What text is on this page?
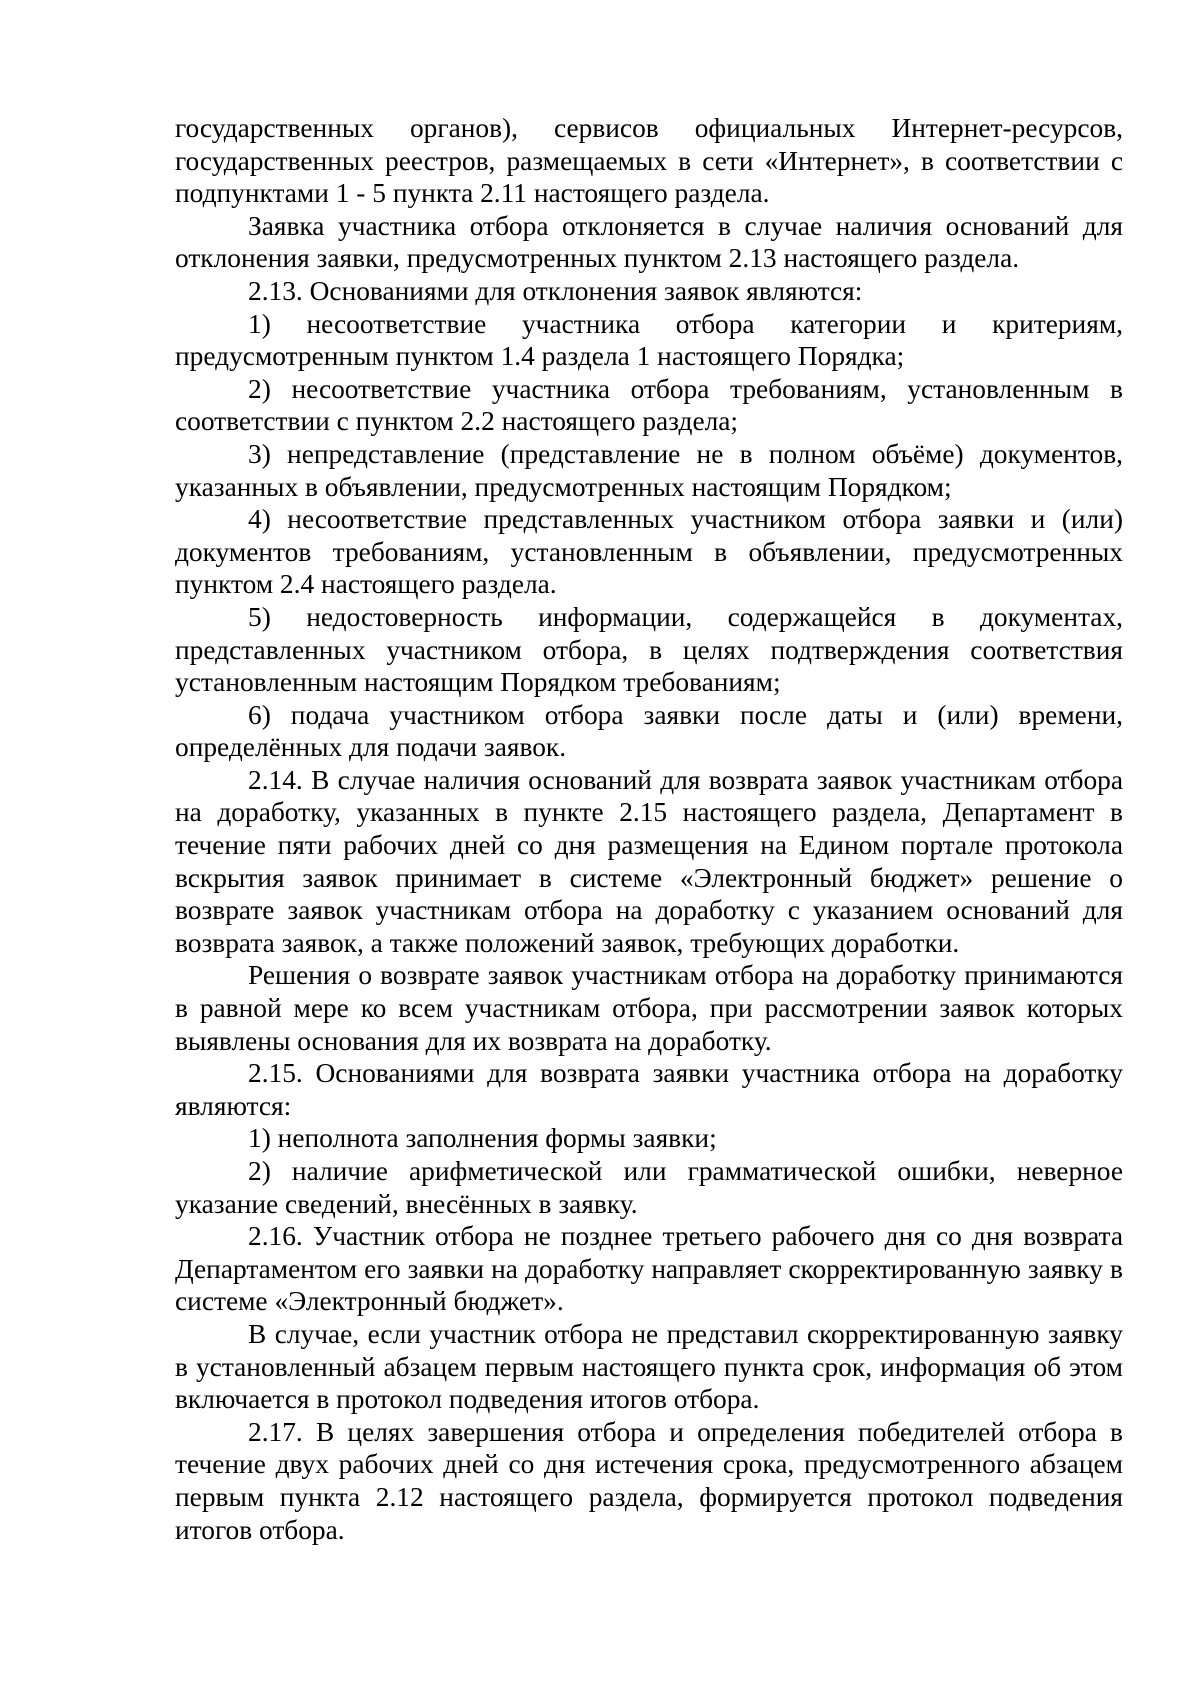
государственных органов), сервисов официальных Интернет-ресурсов, государственных реестров, размещаемых в сети «Интернет», в соответствии с подпунктами 1 - 5 пункта 2.11 настоящего раздела.

Заявка участника отбора отклоняется в случае наличия оснований для отклонения заявки, предусмотренных пунктом 2.13 настоящего раздела.

2.13. Основаниями для отклонения заявок являются:

1) несоответствие участника отбора категории и критериям, предусмотренным пунктом 1.4 раздела 1 настоящего Порядка;

2) несоответствие участника отбора требованиям, установленным в соответствии с пунктом 2.2 настоящего раздела;

3) непредставление (представление не в полном объёме) документов, указанных в объявлении, предусмотренных настоящим Порядком;

4) несоответствие представленных участником отбора заявки и (или) документов требованиям, установленным в объявлении, предусмотренных пунктом 2.4 настоящего раздела.

5) недостоверность информации, содержащейся в документах, представленных участником отбора, в целях подтверждения соответствия установленным настоящим Порядком требованиям;

6) подача участником отбора заявки после даты и (или) времени, определённых для подачи заявок.

2.14. В случае наличия оснований для возврата заявок участникам отбора на доработку, указанных в пункте 2.15 настоящего раздела, Департамент в течение пяти рабочих дней со дня размещения на Едином портале протокола вскрытия заявок принимает в системе «Электронный бюджет» решение о возврате заявок участникам отбора на доработку с указанием оснований для возврата заявок, а также положений заявок, требующих доработки.

Решения о возврате заявок участникам отбора на доработку принимаются в равной мере ко всем участникам отбора, при рассмотрении заявок которых выявлены основания для их возврата на доработку.

2.15. Основаниями для возврата заявки участника отбора на доработку являются:

1) неполнота заполнения формы заявки;

2) наличие арифметической или грамматической ошибки, неверное указание сведений, внесённых в заявку.

2.16. Участник отбора не позднее третьего рабочего дня со дня возврата Департаментом его заявки на доработку направляет скорректированную заявку в системе «Электронный бюджет».

В случае, если участник отбора не представил скорректированную заявку в установленный абзацем первым настоящего пункта срок, информация об этом включается в протокол подведения итогов отбора.

2.17. В целях завершения отбора и определения победителей отбора в течение двух рабочих дней со дня истечения срока, предусмотренного абзацем первым пункта 2.12 настоящего раздела, формируется протокол подведения итогов отбора.
